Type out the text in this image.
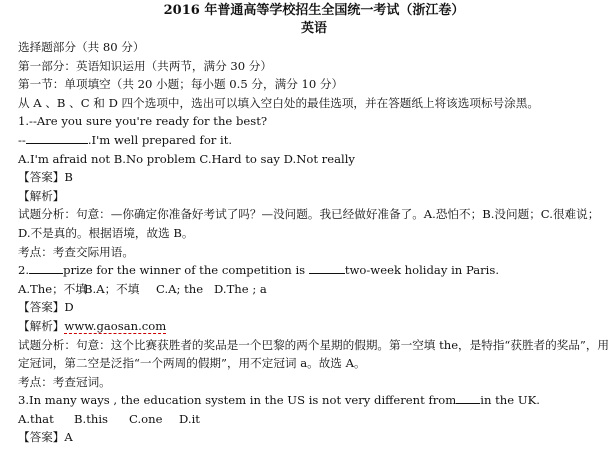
2016 年普通高等学校招生全国统一考试（浙江卷）
英语
选择题部分（共 80 分）
第一部分：英语知识运用（共两节，满分 30 分）
第一节：单项填空（共 20 小题；每小题 0.5 分，满分 10 分）
从 A 、B 、C 和 D 四个选项中，选出可以填入空白处的最佳选项，并在答题纸上将该选项标号涂黑。
1.--Are you sure you're ready for the best?
--	.I'm well prepared for it.
A.I'm afraid not B.No problem C.Hard to say D.Not really
【答案】B
【解析】
试题分析：句意：—你确定你准备好考试了吗？—没问题。我已经做好准备了。A.恐怕不；B.没问题；C.很难说；D.不是真的。根据语境，故选 B。
考点：考查交际用语。
2.	prize for the winner of the competition is	two-week holiday in Paris.
A.The；不填B.A；不填 C.A; the D.The ; a
【答案】D
【解析】www.gaosan.com
试题分析：句意：这个比赛获胜者的奖品是一个巴黎的两个星期的假期。第一空填 the，是特指“获胜者的奖品”，用定冠词，第二空是泛指“一个两周的假期”，用不定冠词 a。故选 A。
考点：考查冠词。
3.In many ways , the education system in the US is not very different from in the UK.
A.that B.this C.one D.it
【答案】A
